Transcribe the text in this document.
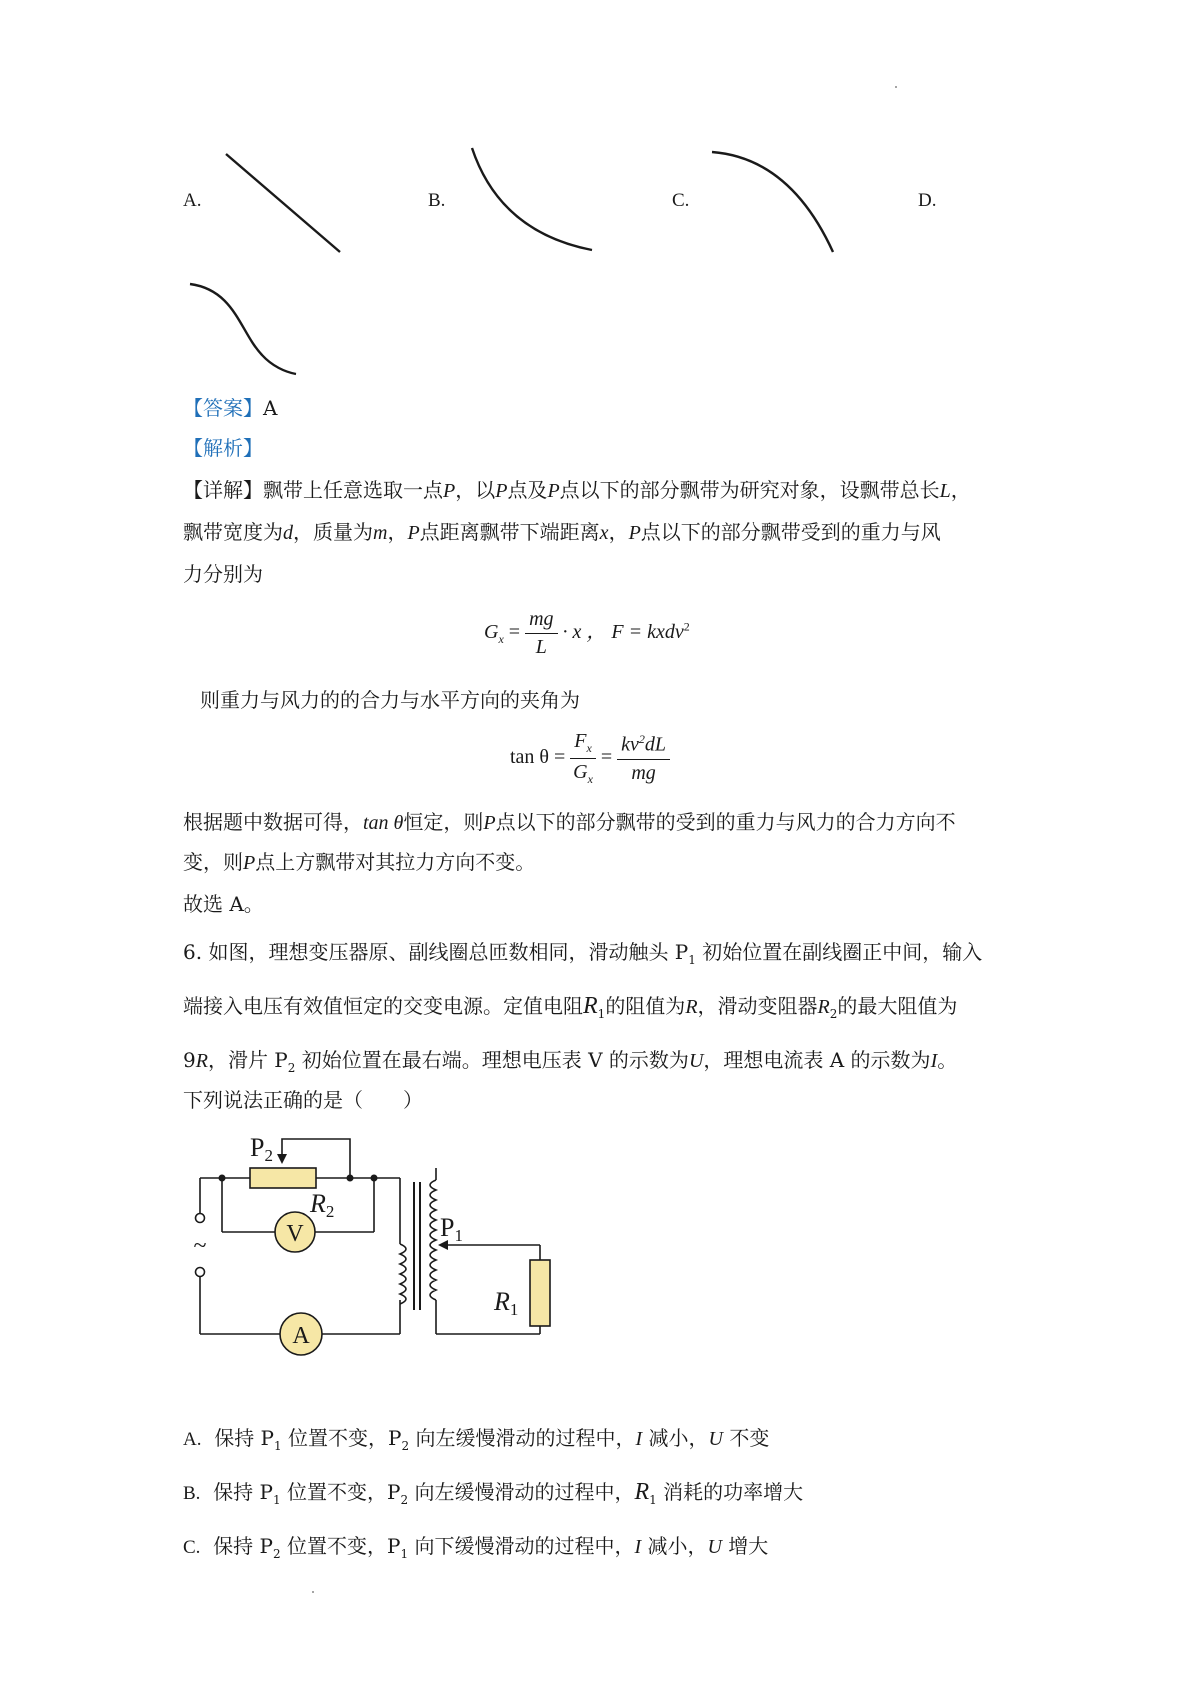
A.	B.	C.	D.
【答案】A
【解析】
【详解】飘带上任意选取一点P，以P点及P点以下的部分飘带为研究对象，设飘带总长L，
飘带宽度为d，质量为m，P点距离飘带下端距离x，P点以下的部分飘带受到的重力与风
力分别为
$G_x = \frac{mg}{L} \cdot x$ ， F = kxdv$^2$
则重力与风力的的合力与水平方向的夹角为
$\tan \theta = \frac{F_x}{G_x} = \frac{kv^2dL}{mg}$
根据题中数据可得，tan θ恒定，则P点以下的部分飘带的受到的重力与风力的合力方向不
变，则P点上方飘带对其拉力方向不变。
故选 A。
6. 如图，理想变压器原、副线圈总匝数相同，滑动触头 $P_1$ 初始位置在副线圈正中间，输入
端接入电压有效值恒定的交变电源。定值电阻$R_1$的阻值为R，滑动变阻器$R_2$的最大阻值为
9R，滑片 $P_2$ 初始位置在最右端。理想电压表 V 的示数为U，理想电流表 A 的示数为I。
下列说法正确的是（　　）
P2
R2
V
A
P1
R1
~
A. 保持 $P_1$ 位置不变，$P_2$ 向左缓慢滑动的过程中，I 减小，U 不变
B. 保持 $P_1$ 位置不变，$P_2$ 向左缓慢滑动的过程中，$R_1$ 消耗的功率增大
C. 保持 $P_2$ 位置不变，$P_1$ 向下缓慢滑动的过程中，I 减小，U 增大
